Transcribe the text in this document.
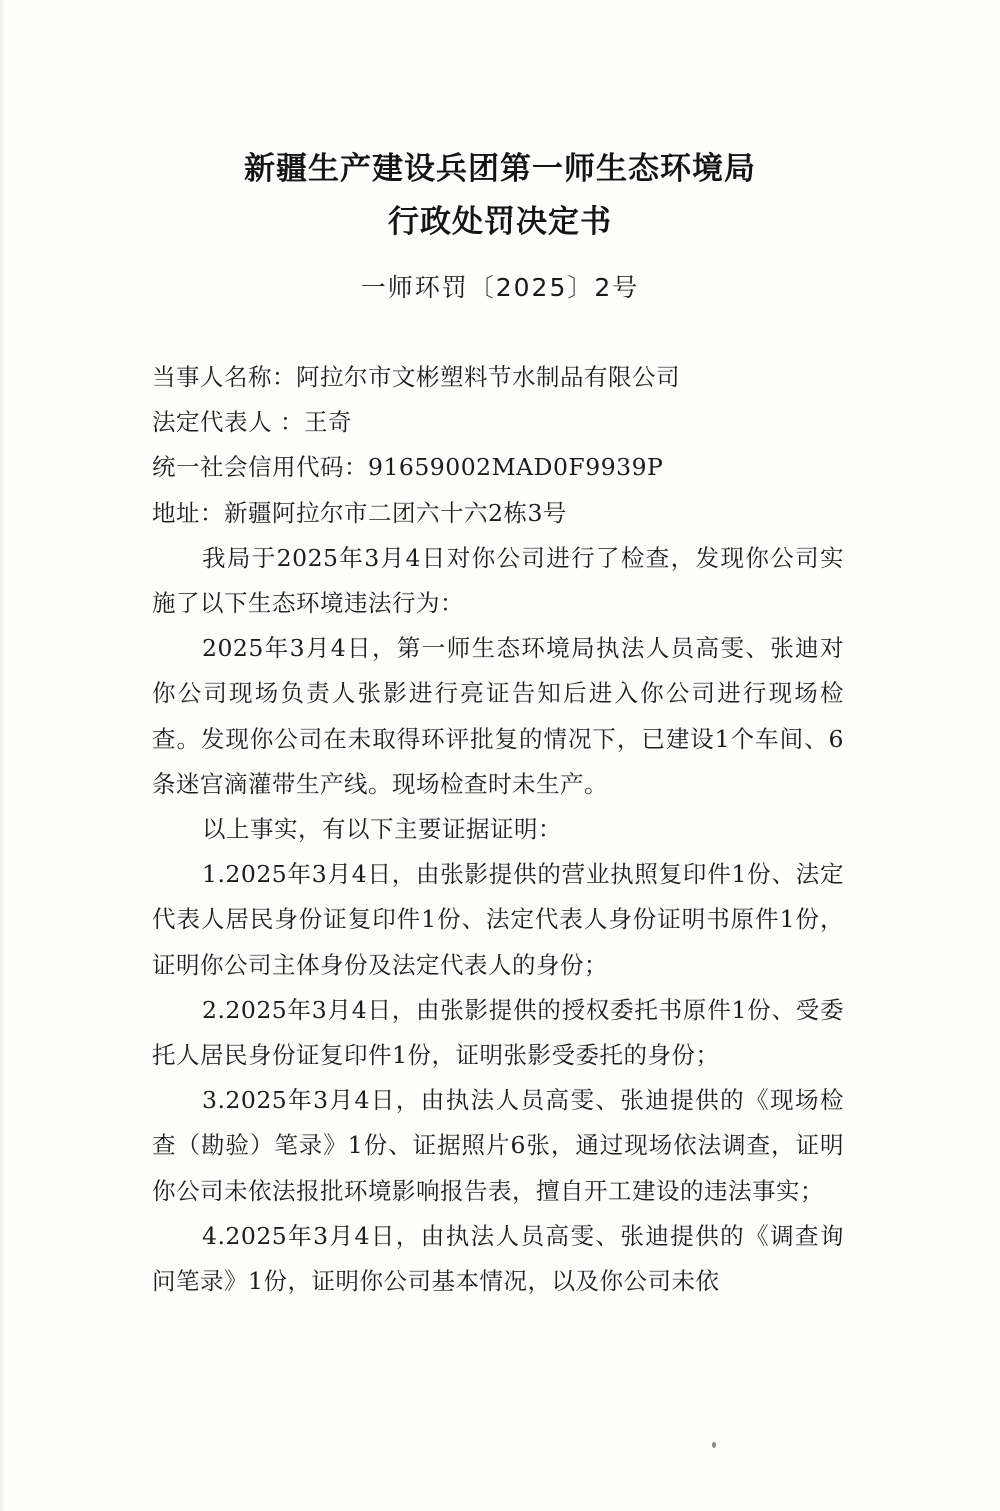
新疆生产建设兵团第一师生态环境局
行政处罚决定书
一师环罚〔2025〕2号

当事人名称：阿拉尔市文彬塑料节水制品有限公司

法定代表人 ：王奇

统一社会信用代码：91659002MAD0F9939P

地址：新疆阿拉尔市二团六十六2栋3号

我局于2025年3月4日对你公司进行了检查，发现你公司实施了以下生态环境违法行为：

2025年3月4日，第一师生态环境局执法人员高雯、张迪对你公司现场负责人张影进行亮证告知后进入你公司进行现场检查。发现你公司在未取得环评批复的情况下，已建设1个车间、6条迷宫滴灌带生产线。现场检查时未生产。

以上事实，有以下主要证据证明：

1.2025年3月4日，由张影提供的营业执照复印件1份、法定代表人居民身份证复印件1份、法定代表人身份证明书原件1份，证明你公司主体身份及法定代表人的身份；

2.2025年3月4日，由张影提供的授权委托书原件1份、受委托人居民身份证复印件1份，证明张影受委托的身份；

3.2025年3月4日，由执法人员高雯、张迪提供的《现场检查（勘验）笔录》1份、证据照片6张，通过现场依法调查，证明你公司未依法报批环境影响报告表，擅自开工建设的违法事实；

4.2025年3月4日，由执法人员高雯、张迪提供的《调查询问笔录》1份，证明你公司基本情况，以及你公司未依
